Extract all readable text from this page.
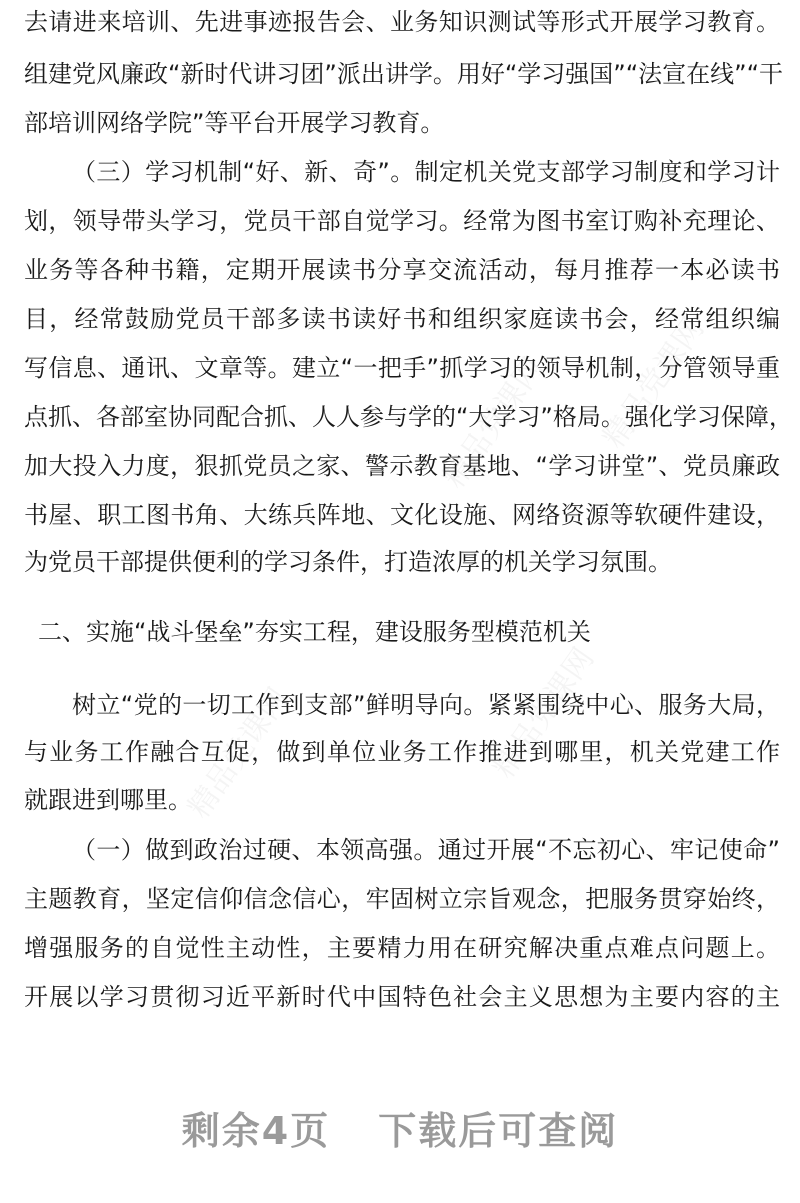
精品党课网
精品党课网
精品党课网
精品党课网
去请进来培训、先进事迹报告会、业务知识测试等形式开展学习教育。
组建党风廉政“新时代讲习团”派出讲学。用好“学习强国”“法宣在线”“干
部培训网络学院”等平台开展学习教育。
（三）学习机制“好、新、奇”。制定机关党支部学习制度和学习计
划，领导带头学习，党员干部自觉学习。经常为图书室订购补充理论、
业务等各种书籍，定期开展读书分享交流活动，每月推荐一本必读书
目，经常鼓励党员干部多读书读好书和组织家庭读书会，经常组织编
写信息、通讯、文章等。建立“一把手”抓学习的领导机制，分管领导重
点抓、各部室协同配合抓、人人参与学的“大学习”格局。强化学习保障，
加大投入力度，狠抓党员之家、警示教育基地、“学习讲堂”、党员廉政
书屋、职工图书角、大练兵阵地、文化设施、网络资源等软硬件建设，
为党员干部提供便利的学习条件，打造浓厚的机关学习氛围。
二、实施“战斗堡垒”夯实工程，建设服务型模范机关
树立“党的一切工作到支部”鲜明导向。紧紧围绕中心、服务大局，
与业务工作融合互促，做到单位业务工作推进到哪里，机关党建工作
就跟进到哪里。
（一）做到政治过硬、本领高强。通过开展“不忘初心、牢记使命”
主题教育，坚定信仰信念信心，牢固树立宗旨观念，把服务贯穿始终，
增强服务的自觉性主动性，主要精力用在研究解决重点难点问题上。
开展以学习贯彻习近平新时代中国特色社会主义思想为主要内容的主
剩余4页 下载后可查阅
